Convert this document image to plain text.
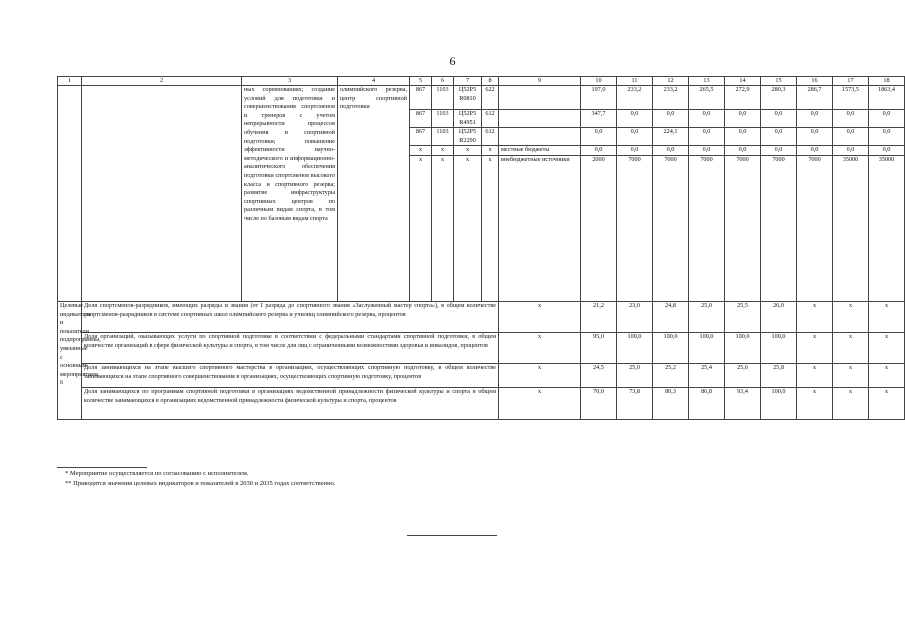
6
1	2	3	4	5	6	7	8	9	10	11	12	13	14	15	16	17	18
		ных соревнованиях; создание условий для подготовки и совершенствования спортсменов и тренеров с учетом непрерывности процессов обучения и спортивной подготовки; повышение эффективности научно-методического и информационно-аналитического обеспечения подготовки спортсменов высокого класса и спортивного резерва; развитие инфраструктуры спортивных центров по различным видам спорта, в том числе по базовым видам спорта	олимпийского резерва, центр спортивной подготовки	867	1103	Ц52Р5 R0810	622		197,0	233,2	233,2	265,5	272,9	280,3	286,7	1573,5	1863,4
				867	1103	Ц52Р5 R4951	612		347,7	0,0	0,0	0,0	0,0	0,0	0,0	0,0	0,0
				867	1103	Ц52Р5 R2290	612		0,0	0,0	224,1	0,0	0,0	0,0	0,0	0,0	0,0
				x	x	x	x	местные бюджеты	0,0	0,0	0,0	0,0	0,0	0,0	0,0	0,0	0,0
				x	x	x	x	внебюджетные источники	2000	7000	7000	7000	7000	7000	7000	35000	35000
Целевые индикаторы и показатели подпрограммы, увязанные с основным мероприятием 6	Доля спортсменов-разрядников, имеющих разряды и звания (от I разряда до спортивного звания «Заслуженный мастер спорта»), в общем количестве спортсменов-разрядников в системе спортивных школ олимпийского резерва и училищ олимпийского резерва, процентов							x	21,2	23,0	24,8	25,0	25,5	26,0	x	x	x
	Доля организаций, оказывающих услуги по спортивной подготовке в соответствии с федеральными стандартами спортивной подготовки, в общем количестве организаций в сфере физической культуры и спорта, в том числе для лиц с ограниченными возможностями здоровья и инвалидов, процентов							x	95,0	100,0	100,0	100,0	100,0	100,0	x	x	x
	Доля занимающихся на этапе высшего спортивного мастерства в организациях, осуществляющих спортивную подготовку, в общем количестве занимающихся на этапе спортивного совершенствования в организациях, осуществляющих спортивную подготовку, процентов							x	24,5	25,0	25,2	25,4	25,6	25,8	x	x	x
	Доля занимающихся по программам спортивной подготовки в организациях ведомственной принадлежности физической культуры и спорта в общем количестве занимающихся в организациях ведомственной принадлежности физической культуры и спорта, процентов							x	70,0	73,8	80,3	86,8	93,4	100,0	x	x	x
* Мероприятие осуществляется по согласованию с исполнителем.
** Приводятся значения целевых индикаторов и показателей в 2030 и 2035 годах соответственно.
